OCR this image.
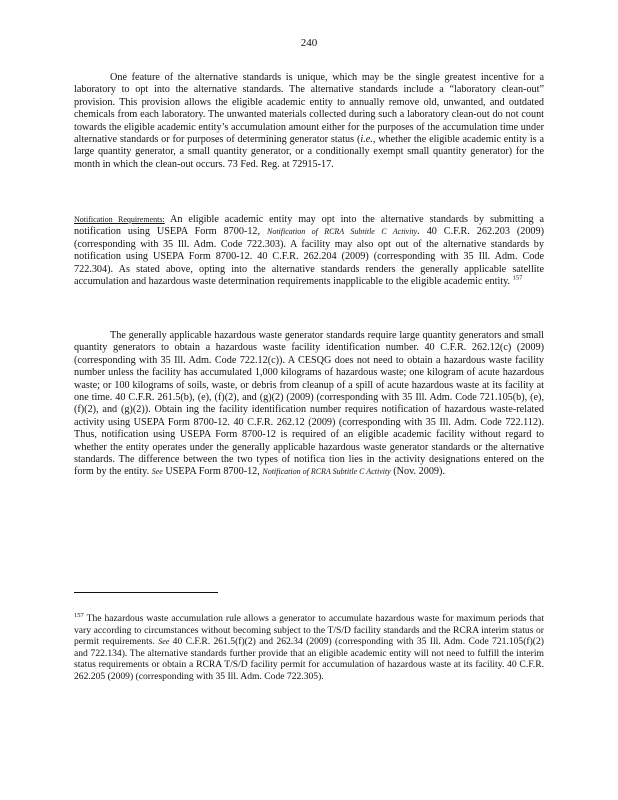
240

One feature of the alternative standards is unique, which may be the single greatest incentive for a laboratory to opt into the alternative standards. The alternative standards include a “laboratory clean-out” provision. This provision allows the eligible academic entity to annually remove old, unwanted, and outdated chemicals from each laboratory. The unwanted materials collected during such a laboratory clean-out do not count towards the eligible academic entity’s accumulation amount either for the purposes of the accumulation time under alternative standards or for purposes of determining generator status (i.e., whether the eligible academic entity is a large quantity generator, a small quantity generator, or a conditionally exempt small quantity generator) for the month in which the clean-out occurs. 73 Fed. Reg. at 72915-17.

Notification Requirements: An eligible academic entity may opt into the alternative standards by submitting a notification using USEPA Form 8700-12, Notification of RCRA Subtitle C Activity. 40 C.F.R. 262.203 (2009) (corresponding with 35 Ill. Adm. Code 722.303). A facility may also opt out of the alternative standards by notification using USEPA Form 8700-12. 40 C.F.R. 262.204 (2009) (corresponding with 35 Ill. Adm. Code 722.304). As stated above, opting into the alternative standards renders the generally applicable satellite accumulation and hazardous waste determination requirements inapplicable to the eligible academic entity. $^{157}$

The generally applicable hazardous waste generator standards require large quantity generators and small quantity generators to obtain a hazardous waste facility identification number. 40 C.F.R. 262.12(c) (2009) (corresponding with 35 Ill. Adm. Code 722.12(c)). A CESQG does not need to obtain a hazardous waste facility number unless the facility has accumulated 1,000 kilograms of hazardous waste; one kilogram of acute hazardous waste; or 100 kilograms of soils, waste, or debris from cleanup of a spill of acute hazardous waste at its facility at one time. 40 C.F.R. 261.5(b), (e), (f)(2), and (g)(2) (2009) (corresponding with 35 Ill. Adm. Code 721.105(b), (e), (f)(2), and (g)(2)). Obtain ing the facility identification number requires notification of hazardous waste-related activity using USEPA Form 8700-12. 40 C.F.R. 262.12 (2009) (corresponding with 35 Ill. Adm. Code 722.112). Thus, notification using USEPA Form 8700-12 is required of an eligible academic facility without regard to whether the entity operates under the generally applicable hazardous waste generator standards or the alternative standards. The difference between the two types of notifica tion lies in the activity designations entered on the form by the entity. See USEPA Form 8700-12, Notification of RCRA Subtitle C Activity (Nov. 2009).

$^{157}$ The hazardous waste accumulation rule allows a generator to accumulate hazardous waste for maximum periods that vary according to circumstances without becoming subject to the T/S/D facility standards and the RCRA interim status or permit requirements. See 40 C.F.R. 261.5(f)(2) and 262.34 (2009) (corresponding with 35 Ill. Adm. Code 721.105(f)(2) and 722.134). The alternative standards further provide that an eligible academic entity will not need to fulfill the interim status requirements or obtain a RCRA T/S/D facility permit for accumulation of hazardous waste at its facility. 40 C.F.R. 262.205 (2009) (corresponding with 35 Ill. Adm. Code 722.305).
